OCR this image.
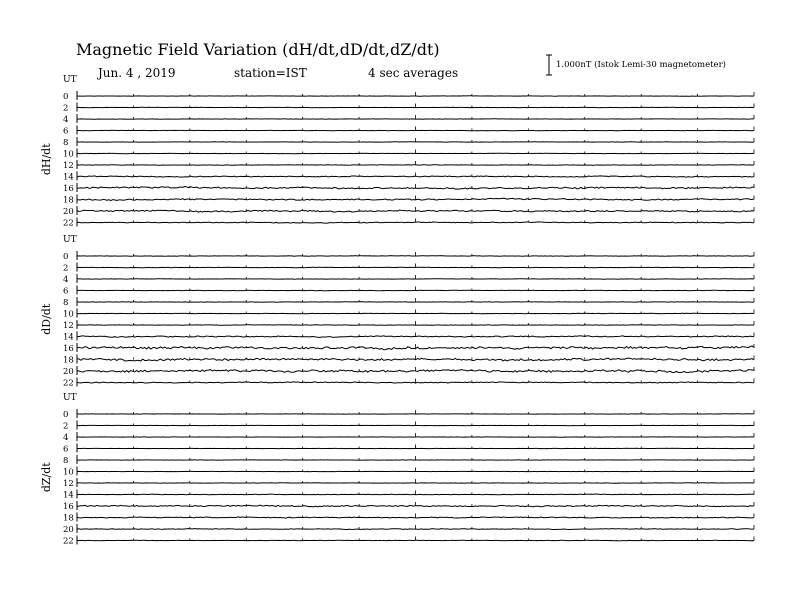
Magnetic Field Variation (dH/dt,dD/dt,dZ/dt)
Jun. 4 , 2019	station=IST	4 sec averages
1.000nT (Istok Lemi-30 magnetometer)
UT
dH/dt
0
2
4
6
8
10
12
14
16
18
20
22
UT
dD/dt
0
2
4
6
8
10
12
14
16
18
20
22
UT
dZ/dt
0
2
4
6
8
10
12
14
16
18
20
22
